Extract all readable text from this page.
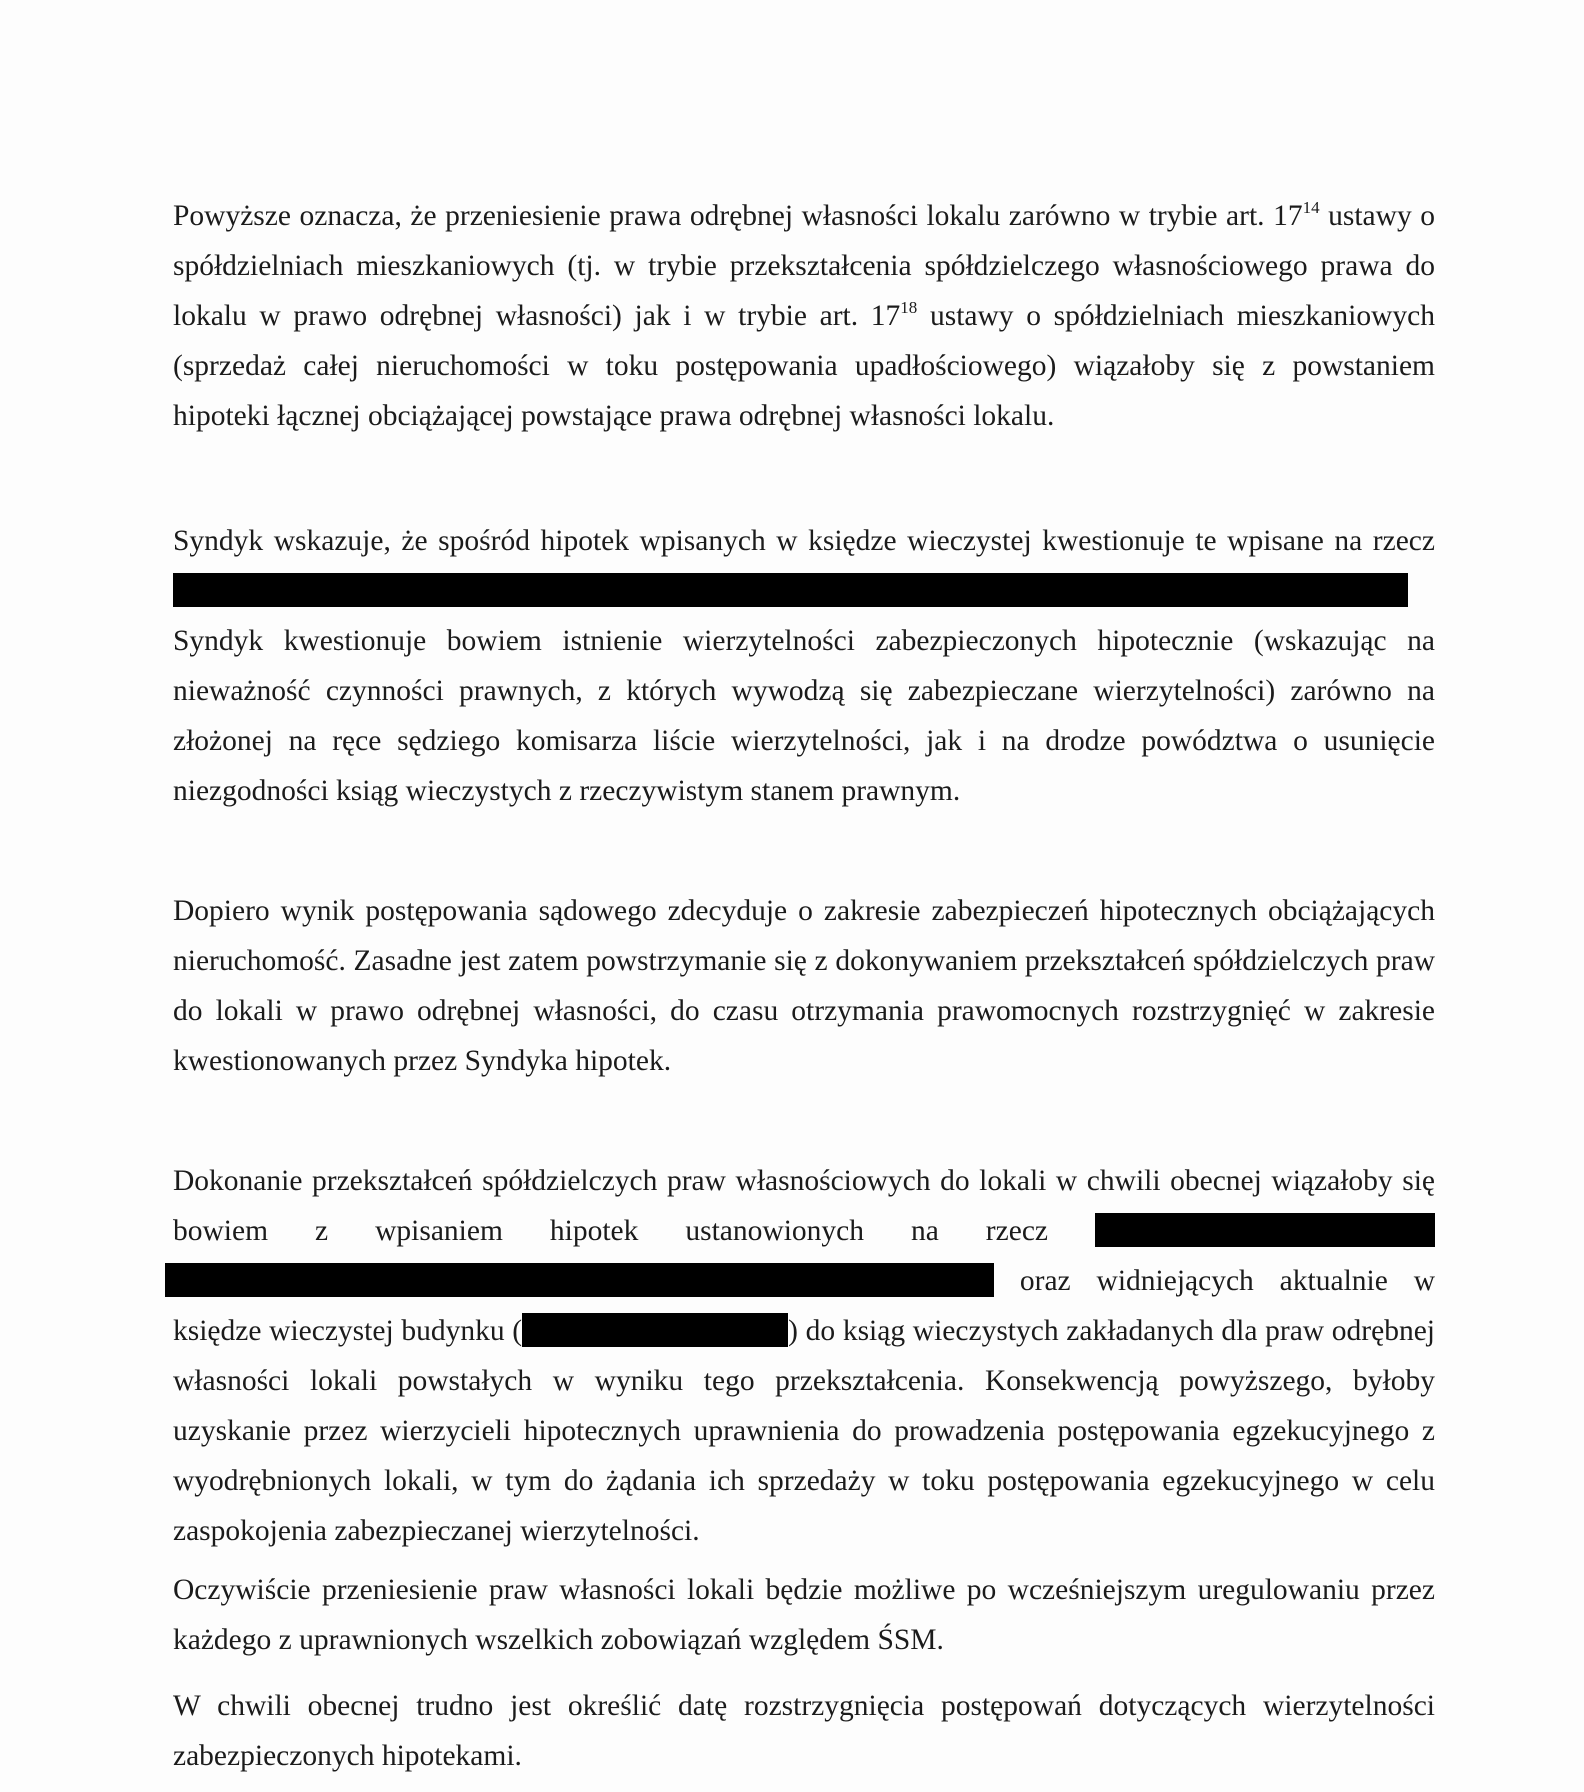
Powyższe oznacza, że przeniesienie prawa odrębnej własności lokalu zarówno w trybie art. $17^{14}$ ustawy o spółdzielniach mieszkaniowych (tj. w trybie przekształcenia spółdzielczego własnościowego prawa do lokalu w prawo odrębnej własności) jak i w trybie art. $17^{18}$ ustawy o spółdzielniach mieszkaniowych (sprzedaż całej nieruchomości w toku postępowania upadłościowego) wiązałoby się z powstaniem hipoteki łącznej obciążającej powstające prawa odrębnej własności lokalu.

Syndyk wskazuje, że spośród hipotek wpisanych w księdze wieczystej kwestionuje te wpisane na rzecz  Syndyk kwestionuje bowiem istnienie wierzytelności zabezpieczonych hipotecznie (wskazując na nieważność czynności prawnych, z których wywodzą się zabezpieczane wierzytelności) zarówno na złożonej na ręce sędziego komisarza liście wierzytelności, jak i na drodze powództwa o usunięcie niezgodności ksiąg wieczystych z rzeczywistym stanem prawnym.

Dopiero wynik postępowania sądowego zdecyduje o zakresie zabezpieczeń hipotecznych obciążających nieruchomość. Zasadne jest zatem powstrzymanie się z dokonywaniem przekształceń spółdzielczych praw do lokali w prawo odrębnej własności, do czasu otrzymania prawomocnych rozstrzygnięć w zakresie kwestionowanych przez Syndyka hipotek.

Dokonanie przekształceń spółdzielczych praw własnościowych do lokali w chwili obecnej wiązałoby się bowiem z wpisaniem hipotek ustanowionych na rzecz  oraz widniejących aktualnie w księdze wieczystej budynku (	) do ksiąg wieczystych zakładanych dla praw odrębnej własności lokali powstałych w wyniku tego przekształcenia. Konsekwencją powyższego, byłoby uzyskanie przez wierzycieli hipotecznych uprawnienia do prowadzenia postępowania egzekucyjnego z wyodrębnionych lokali, w tym do żądania ich sprzedaży w toku postępowania egzekucyjnego w celu zaspokojenia zabezpieczanej wierzytelności.

Oczywiście przeniesienie praw własności lokali będzie możliwe po wcześniejszym uregulowaniu przez każdego z uprawnionych wszelkich zobowiązań względem ŚSM.

W chwili obecnej trudno jest określić datę rozstrzygnięcia postępowań dotyczących wierzytelności zabezpieczonych hipotekami.
